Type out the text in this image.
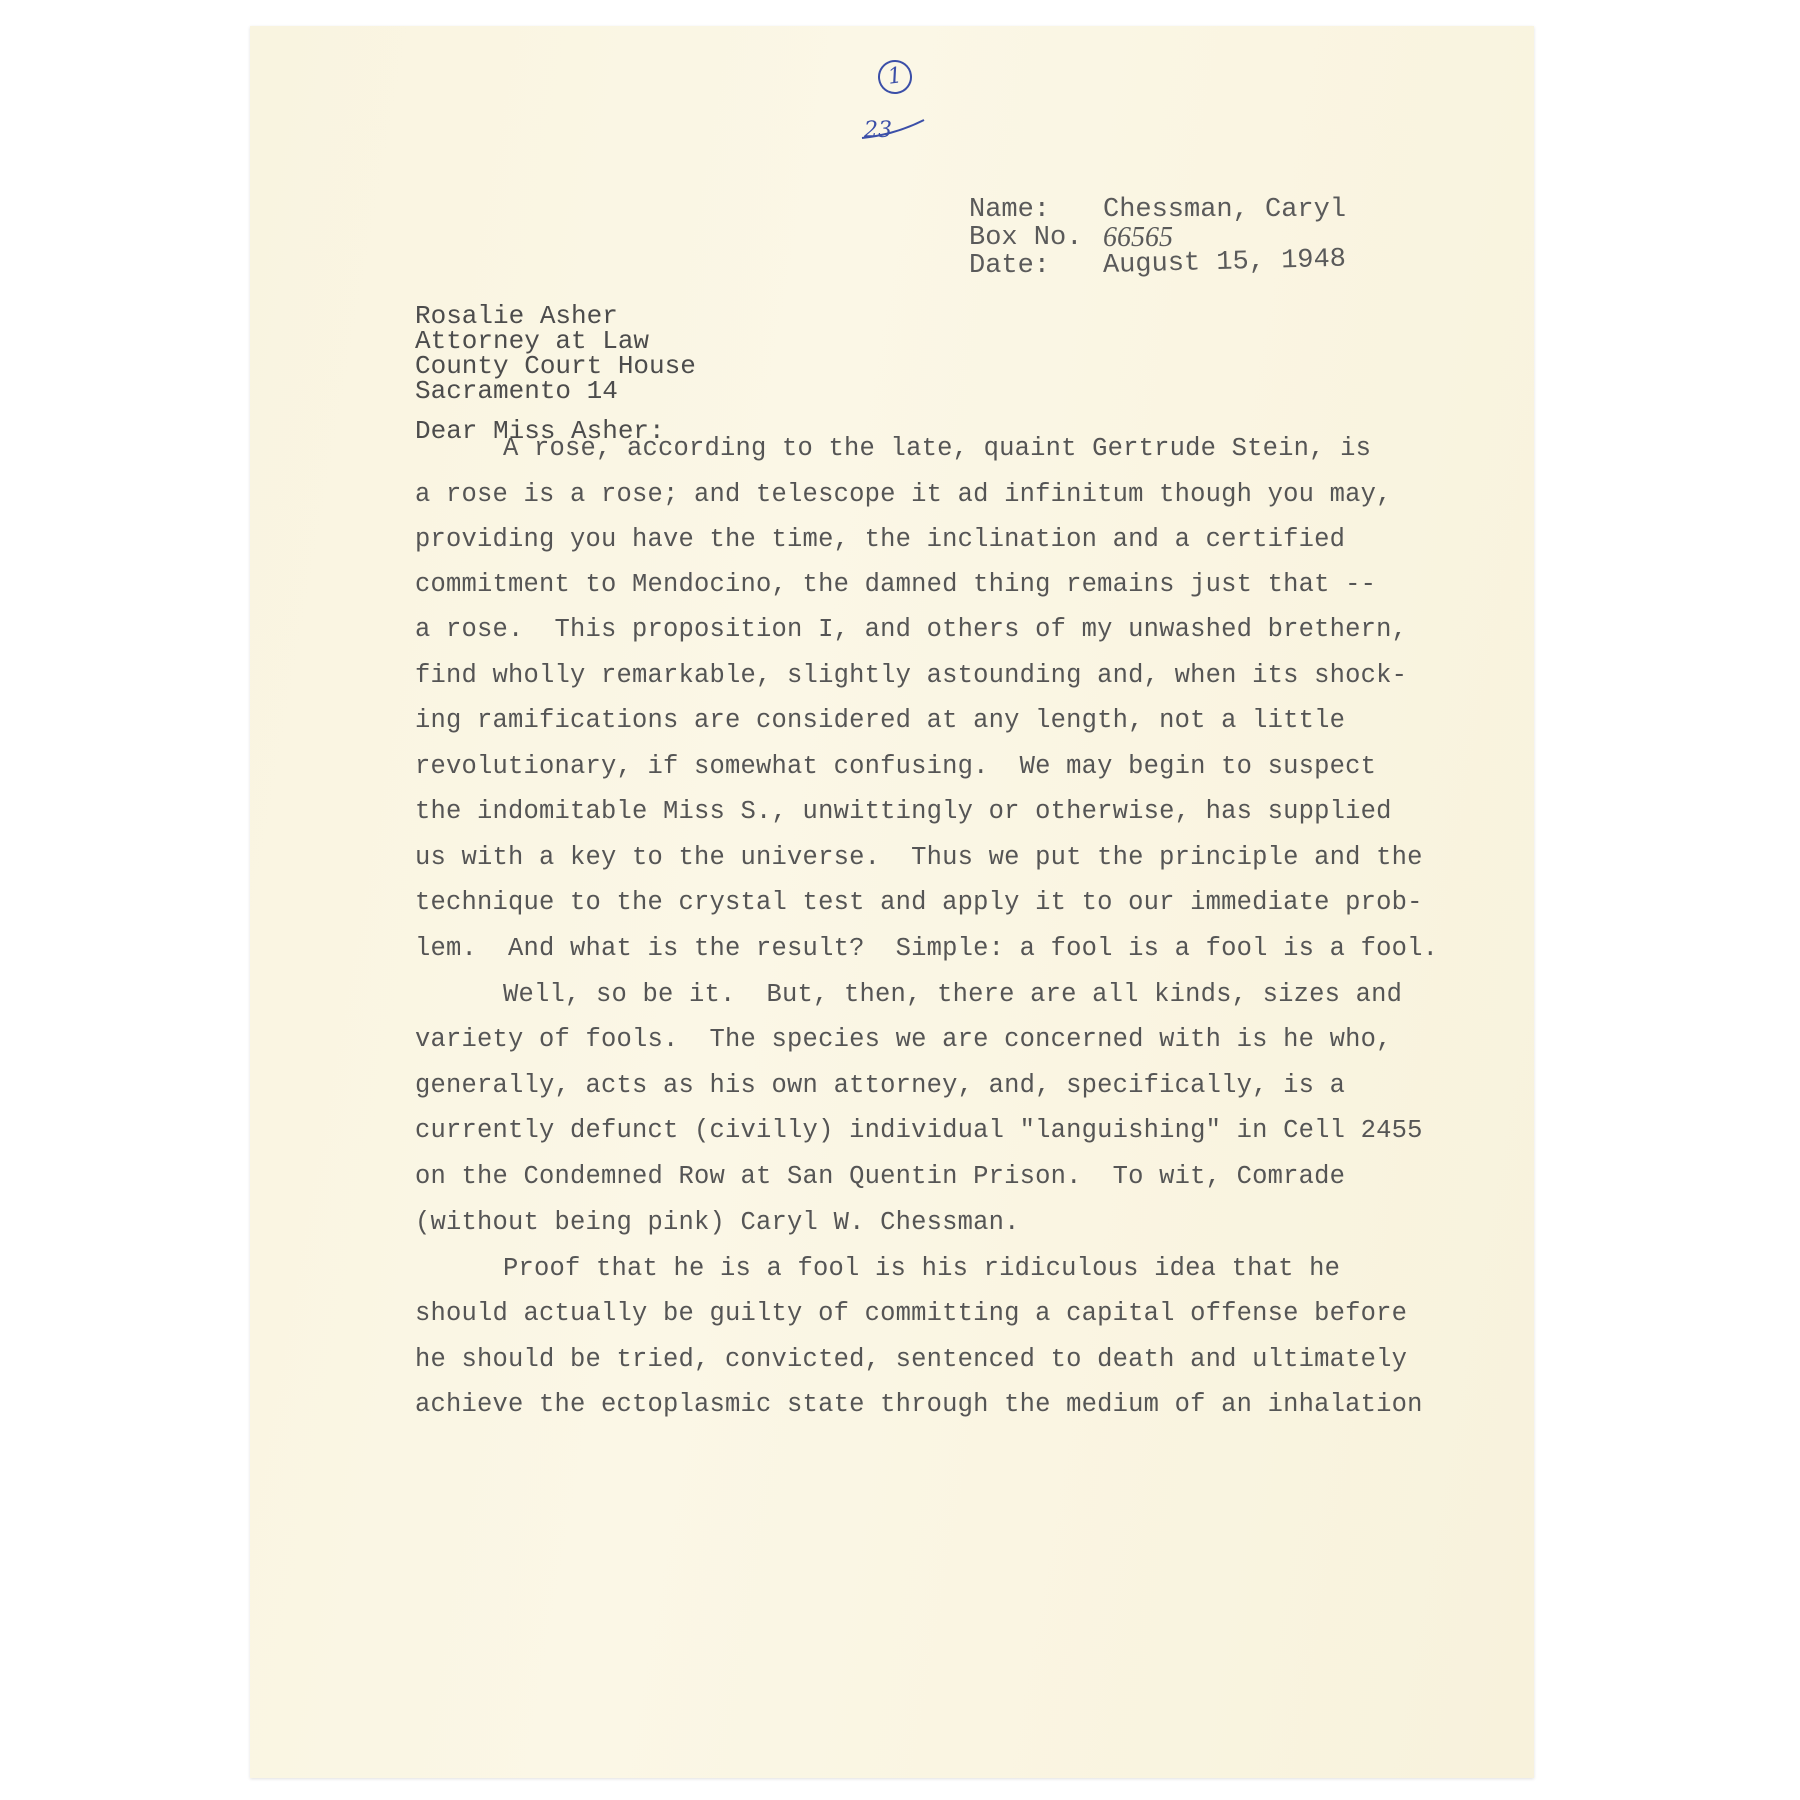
1
23
Name:	Chessman, Caryl
Box No. 66565
Date:	August 15, 1948
Rosalie Asher
Attorney at Law
County Court House
Sacramento 14
Dear Miss Asher:
A rose, according to the late, quaint Gertrude Stein, is
a rose is a rose; and telescope it ad infinitum though you may,
providing you have the time, the inclination and a certified
commitment to Mendocino, the damned thing remains just that --
a rose.  This proposition I, and others of my unwashed brethern,
find wholly remarkable, slightly astounding and, when its shock-
ing ramifications are considered at any length, not a little
revolutionary, if somewhat confusing.  We may begin to suspect
the indomitable Miss S., unwittingly or otherwise, has supplied
us with a key to the universe.  Thus we put the principle and the
technique to the crystal test and apply it to our immediate prob-
lem.  And what is the result?  Simple: a fool is a fool is a fool.
Well, so be it.  But, then, there are all kinds, sizes and
variety of fools.  The species we are concerned with is he who,
generally, acts as his own attorney, and, specifically, is a
currently defunct (civilly) individual "languishing" in Cell 2455
on the Condemned Row at San Quentin Prison.  To wit, Comrade
(without being pink) Caryl W. Chessman.
Proof that he is a fool is his ridiculous idea that he
should actually be guilty of committing a capital offense before
he should be tried, convicted, sentenced to death and ultimately
achieve the ectoplasmic state through the medium of an inhalation
